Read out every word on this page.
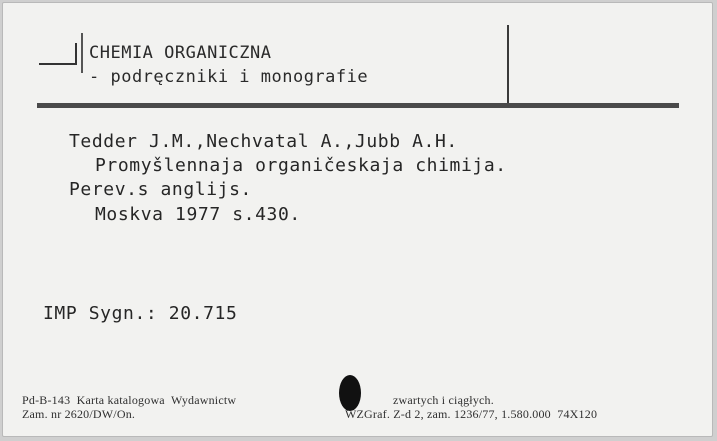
CHEMIA ORGANICZNA
- podręczniki i monografie
Tedder J.M.,Nechvatal A.,Jubb A.H.
Promyšlennaja organičeskaja chimija.
Perev.s anglijs.
Moskva 1977 s.430.
IMP Sygn.: 20.715
Pd-B-143  Karta katalogowa  Wydawnictw
Zam. nr 2620/DW/On.
zwartych i ciągłych.
WZGraf. Z-d 2, zam. 1236/77, 1.580.000  74X120
